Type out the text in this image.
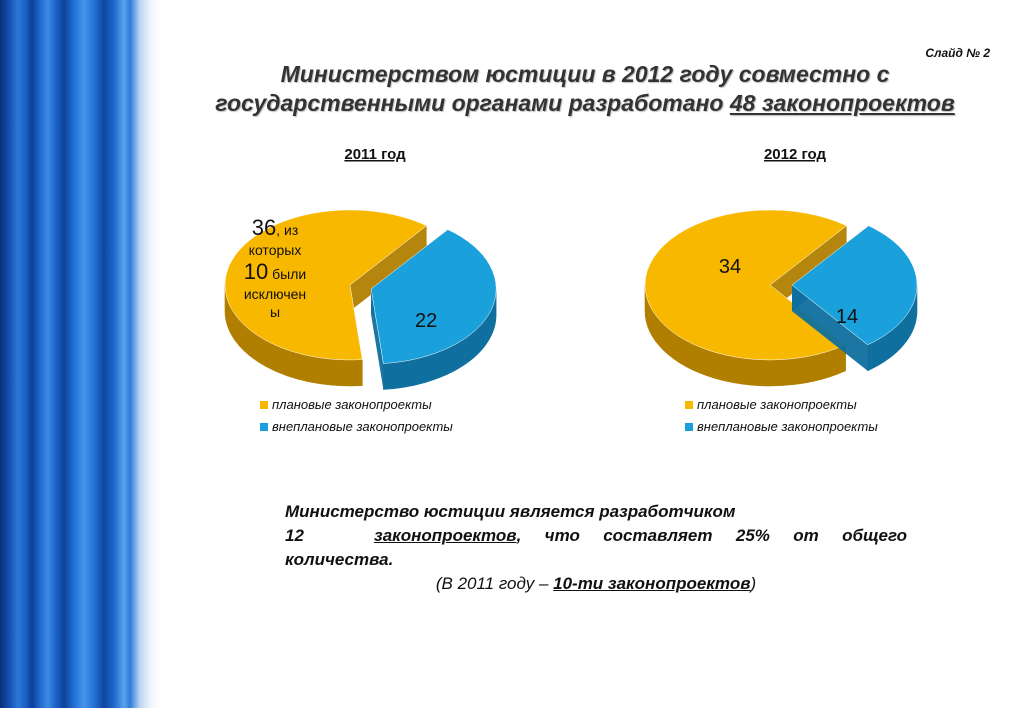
Слайд № 2
Министерством юстиции в 2012 году совместно с
государственными органами разработано 48 законопроектов
2011 год
36, из
которых
10 были
исключен
ы	22
плановые законопроекты
внеплановые законопроекты
2012 год
34
14
плановые законопроекты
внеплановые законопроекты
Министерство юстиции является разработчиком
12	законопроектов, что составляет 25% от общего
количества.
(В 2011 году – 10-ти законопроектов)
